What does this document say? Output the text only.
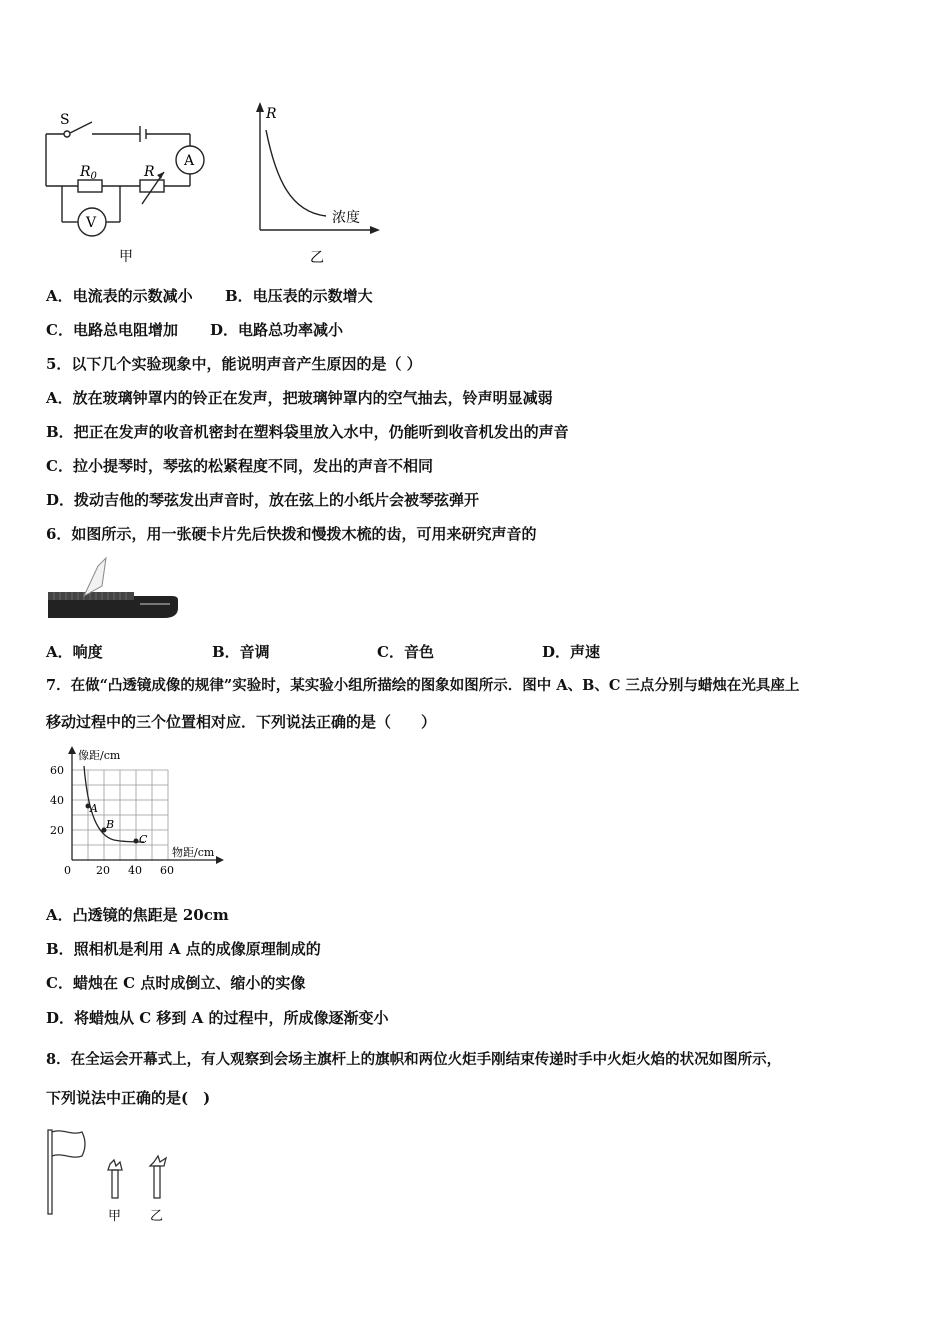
S
A
V
$R_0$	R
甲
R
浓度
乙
A．电流表的示数减小 B．电压表的示数增大
C．电路总电阻增加 D．电路总功率减小
5．以下几个实验现象中，能说明声音产生原因的是（ ）
A．放在玻璃钟罩内的铃正在发声，把玻璃钟罩内的空气抽去，铃声明显减弱
B．把正在发声的收音机密封在塑料袋里放入水中，仍能听到收音机发出的声音
C．拉小提琴时，琴弦的松紧程度不同，发出的声音不相同
D．拨动吉他的琴弦发出声音时，放在弦上的小纸片会被琴弦弹开
6．如图所示，用一张硬卡片先后快拨和慢拨木梳的齿，可用来研究声音的
A．响度	B．音调	C．音色	D．声速
7．在做“凸透镜成像的规律”实验时，某实验小组所描绘的图象如图所示．图中 A、B、C 三点分别与蜡烛在光具座上
移动过程中的三个位置相对应．下列说法正确的是（　　）
A
B
C
像距/cm
物距/cm
60
40
20
0 20 40 60
A．凸透镜的焦距是 20cm
B．照相机是利用 A 点的成像原理制成的
C．蜡烛在 C 点时成倒立、缩小的实像
D．将蜡烛从 C 移到 A 的过程中，所成像逐渐变小
8．在全运会开幕式上，有人观察到会场主旗杆上的旗帜和两位火炬手刚结束传递时手中火炬火焰的状况如图所示，
下列说法中正确的是(　)
甲 乙
